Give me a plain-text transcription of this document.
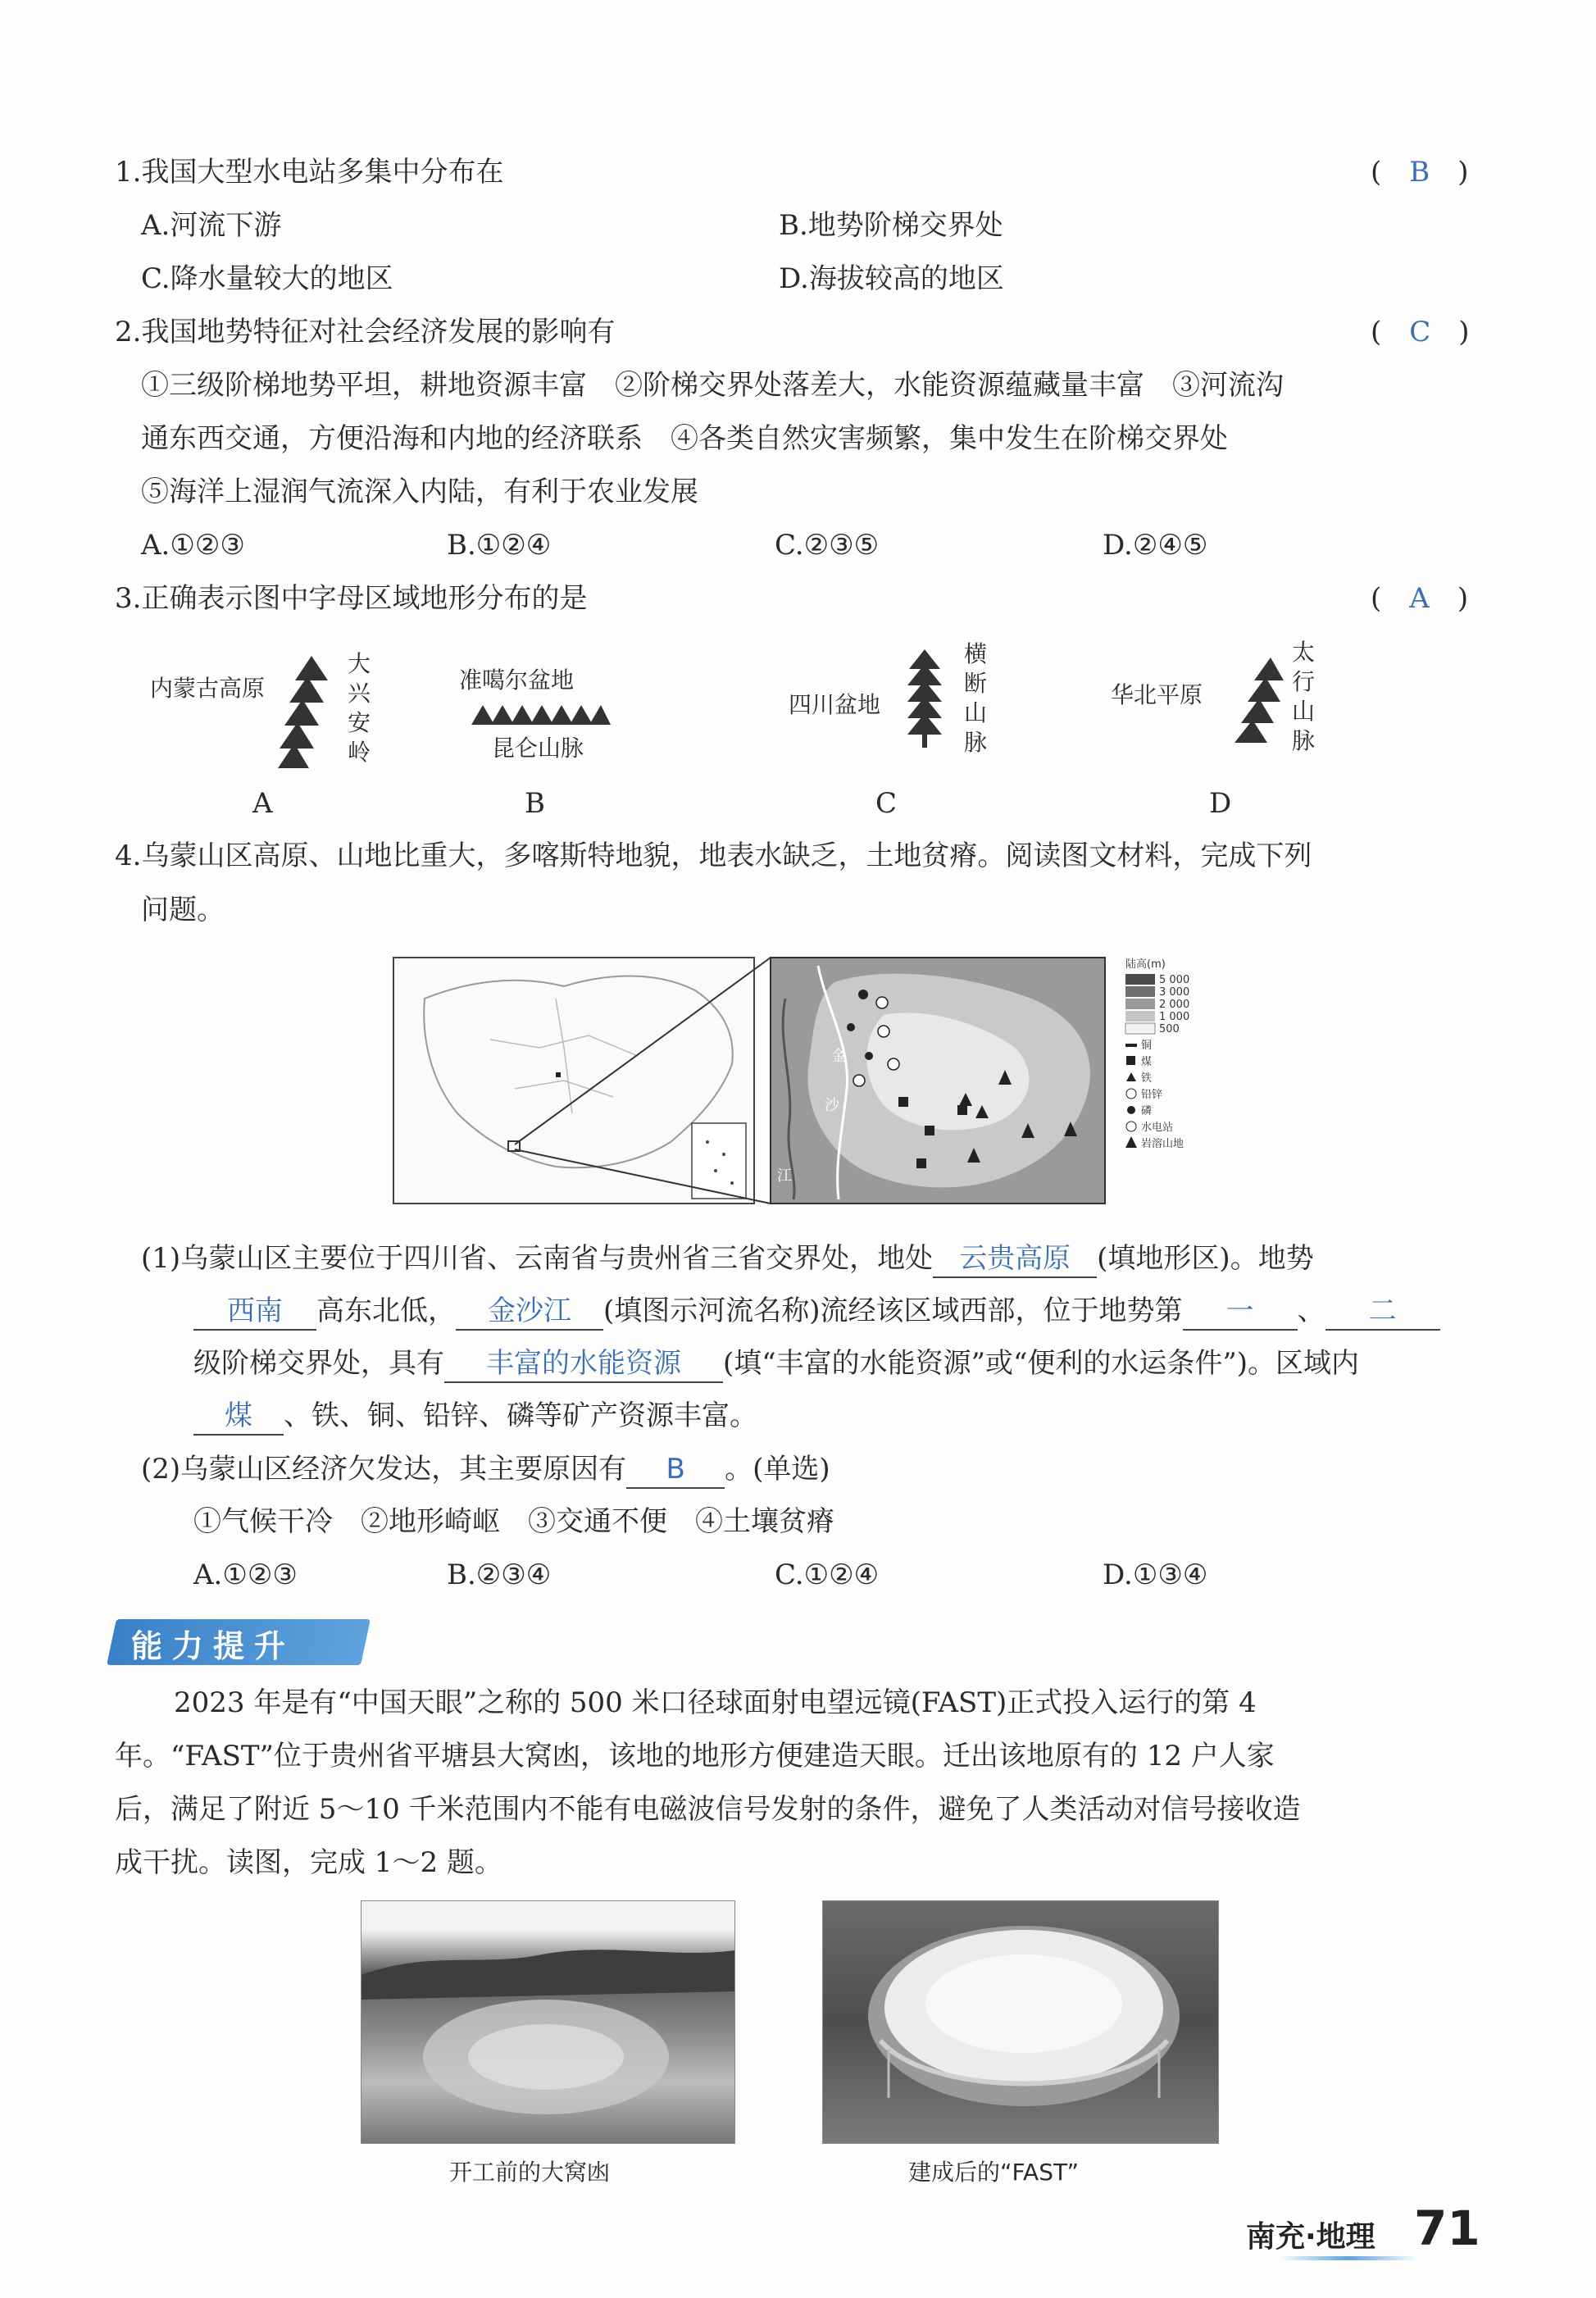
1.我国大型水电站多集中分布在	(　B　)
A.河流下游	B.地势阶梯交界处
C.降水量较大的地区	D.海拔较高的地区
2.我国地势特征对社会经济发展的影响有	(　C　)
①三级阶梯地势平坦，耕地资源丰富　②阶梯交界处落差大，水能资源蕴藏量丰富　③河流沟
通东西交通，方便沿海和内地的经济联系　④各类自然灾害频繁，集中发生在阶梯交界处
⑤海洋上湿润气流深入内陆，有利于农业发展
A.①②③	B.①②④	C.②③⑤	D.②④⑤
3.正确表示图中字母区域地形分布的是	(　A　)
内蒙古高原
大
兴
安
岭
A
准噶尔盆地
昆仑山脉
B
四川盆地
横
断
山
脉
C
华北平原
太
行
山
脉
D
4.乌蒙山区高原、山地比重大，多喀斯特地貌，地表水缺乏，土地贫瘠。阅读图文材料，完成下列
问题。
陆高(m)
5 000
3 000
2 000
1 000
500
铜
煤
铁
铅锌
磷
水电站
岩溶山地
金
沙
江
(1)乌蒙山区主要位于四川省、云南省与贵州省三省交界处，地处 云贵高原 (填地形区)。地势
西南 高东北低， 金沙江 (填图示河流名称)流经该区域西部，位于地势第 一 、 二
级阶梯交界处，具有 丰富的水能资源 (填“丰富的水能资源”或“便利的水运条件”)。区域内
煤 、铁、铜、铅锌、磷等矿产资源丰富。
(2)乌蒙山区经济欠发达，其主要原因有 B 。(单选)
①气候干冷　②地形崎岖　③交通不便　④土壤贫瘠
A.①②③	B.②③④	C.①②④	D.①③④
能力提升
2023 年是有“中国天眼”之称的 500 米口径球面射电望远镜(FAST)正式投入运行的第 4
年。“FAST”位于贵州省平塘县大窝凼，该地的地形方便建造天眼。迁出该地原有的 12 户人家
后，满足了附近 5～10 千米范围内不能有电磁波信号发射的条件，避免了人类活动对信号接收造
成干扰。读图，完成 1～2 题。
开工前的大窝凼	建成后的“FAST”
南充·地理 71
